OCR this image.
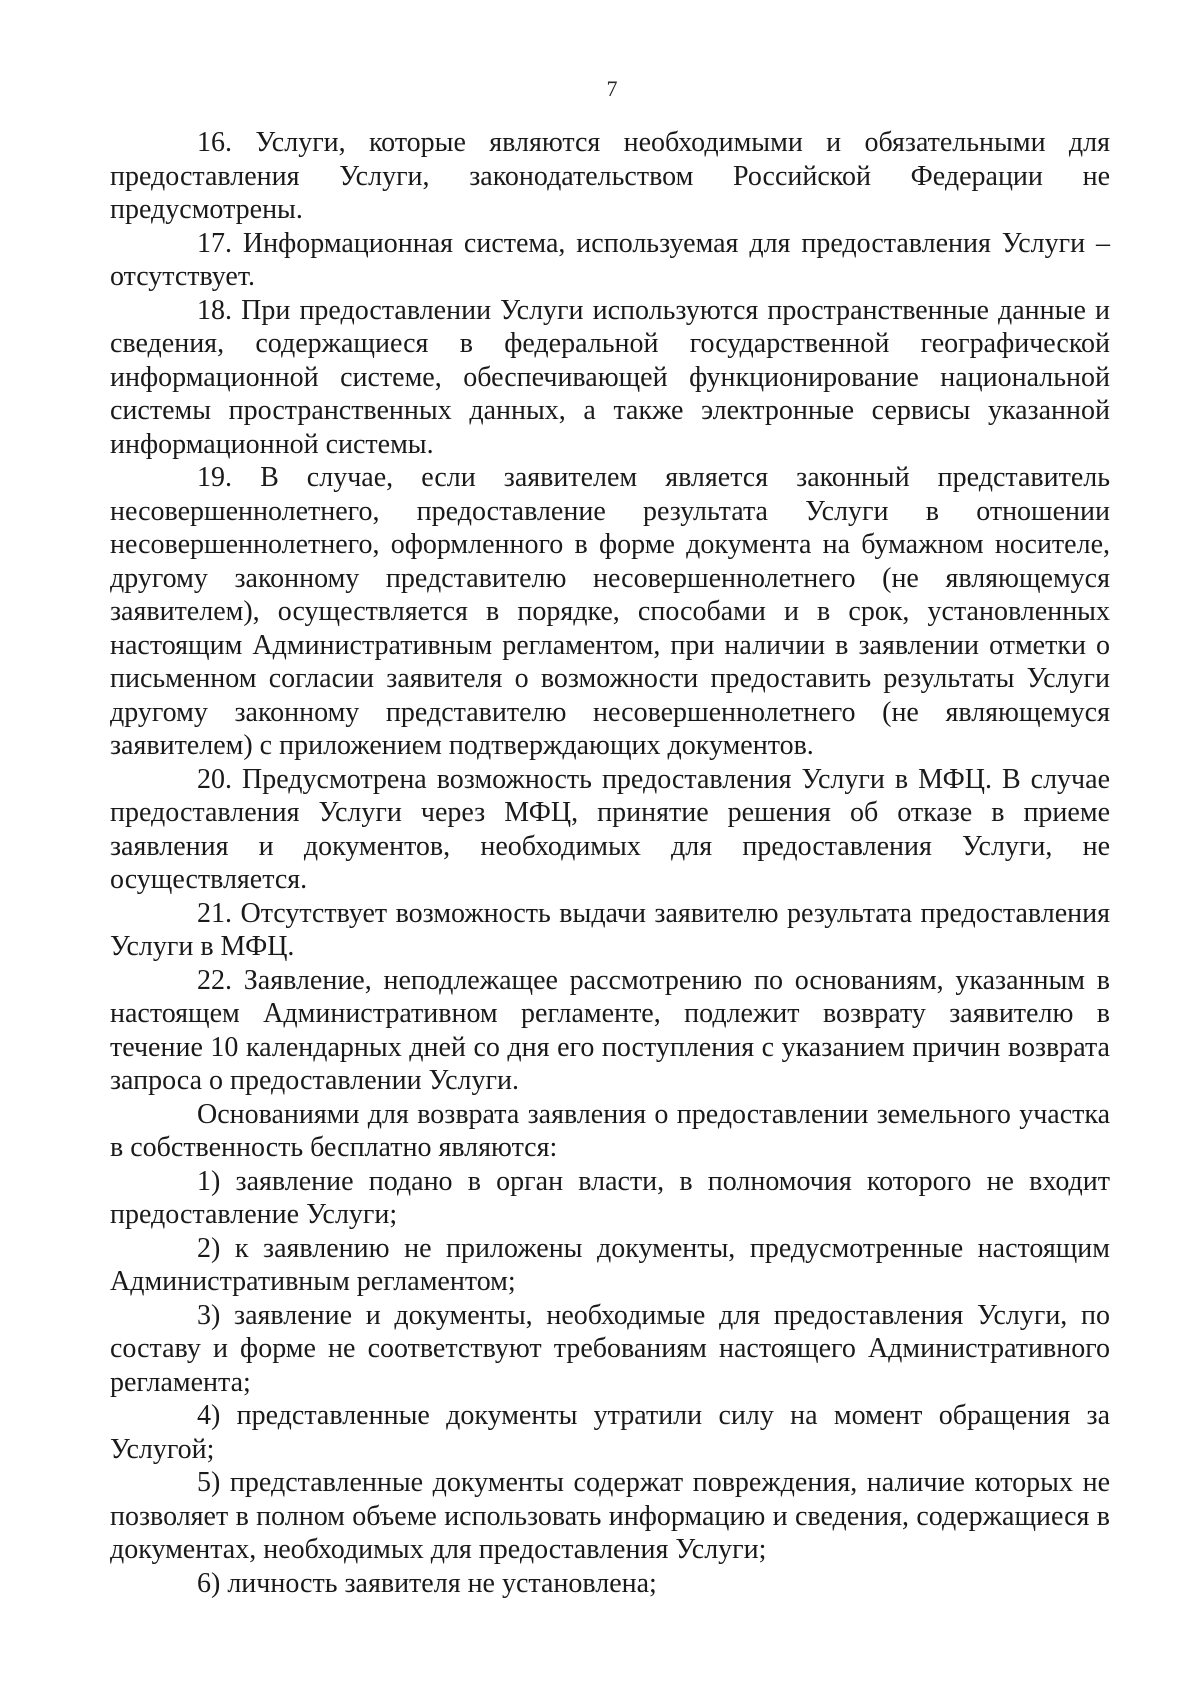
7

16. Услуги, которые являются необходимыми и обязательными для предоставления Услуги, законодательством Российской Федерации не предусмотрены.

17. Информационная система, используемая для предоставления Услуги – отсутствует.

18. При предоставлении Услуги используются пространственные данные и сведения, содержащиеся в федеральной государственной географической информационной системе, обеспечивающей функционирование национальной системы пространственных данных, а также электронные сервисы указанной информационной системы.

19. В случае, если заявителем является законный представитель несовершеннолетнего, предоставление результата Услуги в отношении несовершеннолетнего, оформленного в форме документа на бумажном носителе, другому законному представителю несовершеннолетнего (не являющемуся заявителем), осуществляется в порядке, способами и в срок, установленных настоящим Административным регламентом, при наличии в заявлении отметки о письменном согласии заявителя о возможности предоставить результаты Услуги другому законному представителю несовершеннолетнего (не являющемуся заявителем) с приложением подтверждающих документов.

20. Предусмотрена возможность предоставления Услуги в МФЦ. В случае предоставления Услуги через МФЦ, принятие решения об отказе в приеме заявления и документов, необходимых для предоставления Услуги, не осуществляется.

21. Отсутствует возможность выдачи заявителю результата предоставления Услуги в МФЦ.

22. Заявление, неподлежащее рассмотрению по основаниям, указанным в настоящем Административном регламенте, подлежит возврату заявителю в течение 10 календарных дней со дня его поступления с указанием причин возврата запроса о предоставлении Услуги.

Основаниями для возврата заявления о предоставлении земельного участка в собственность бесплатно являются:

1) заявление подано в орган власти, в полномочия которого не входит предоставление Услуги;

2) к заявлению не приложены документы, предусмотренные настоящим Административным регламентом;

3) заявление и документы, необходимые для предоставления Услуги, по составу и форме не соответствуют требованиям настоящего Административного регламента;

4) представленные документы утратили силу на момент обращения за Услугой;

5) представленные документы содержат повреждения, наличие которых не позволяет в полном объеме использовать информацию и сведения, содержащиеся в документах, необходимых для предоставления Услуги;

6) личность заявителя не установлена;
